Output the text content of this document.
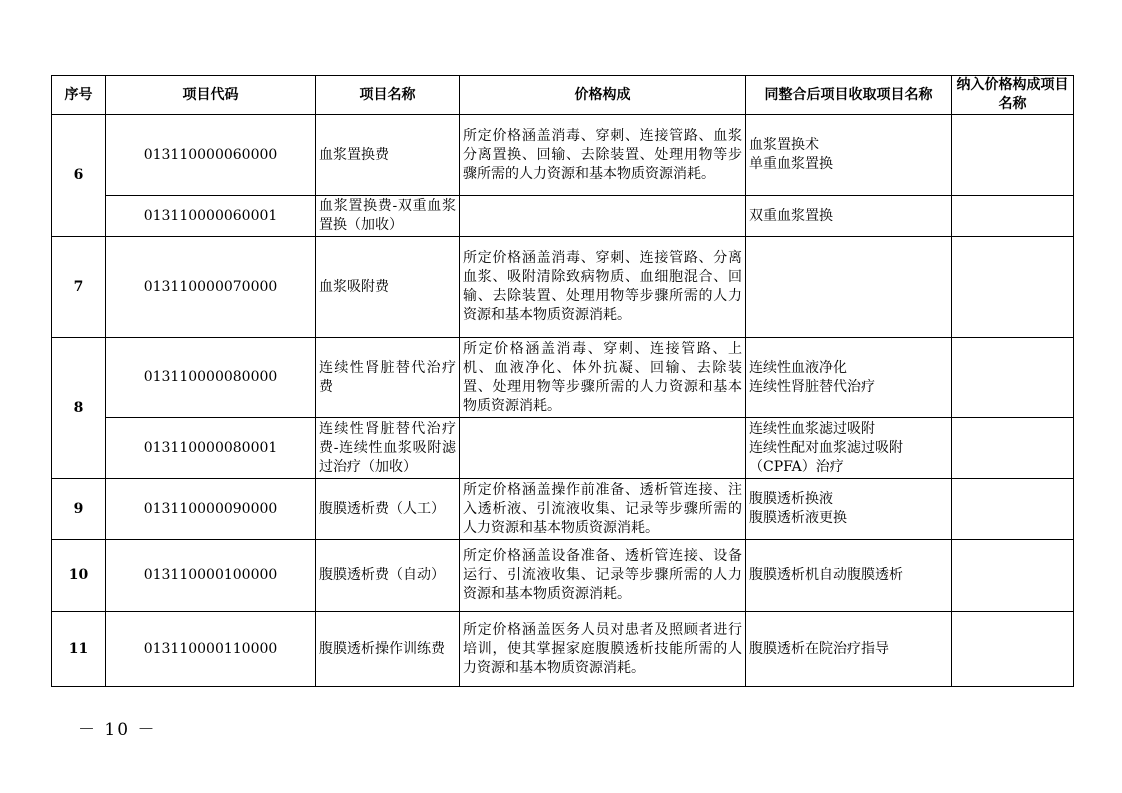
序号	项目代码	项目名称	价格构成	同整合后项目收取项目名称	纳入价格构成项目名称
6	013110000060000	血浆置换费	所定价格涵盖消毒、穿刺、连接管路、血浆分离置换、回输、去除装置、处理用物等步骤所需的人力资源和基本物质资源消耗。	血浆置换术
单重血浆置换	
	013110000060001	血浆置换费-双重血浆置换（加收）		双重血浆置换	
7	013110000070000	血浆吸附费	所定价格涵盖消毒、穿刺、连接管路、分离血浆、吸附清除致病物质、血细胞混合、回输、去除装置、处理用物等步骤所需的人力资源和基本物质资源消耗。		
8	013110000080000	连续性肾脏替代治疗费	所定价格涵盖消毒、穿刺、连接管路、上机、血液净化、体外抗凝、回输、去除装置、处理用物等步骤所需的人力资源和基本物质资源消耗。	连续性血液净化
连续性肾脏替代治疗	
	013110000080001	连续性肾脏替代治疗费-连续性血浆吸附滤过治疗（加收）		连续性血浆滤过吸附
连续性配对血浆滤过吸附（CPFA）治疗	
9	013110000090000	腹膜透析费（人工）	所定价格涵盖操作前准备、透析管连接、注入透析液、引流液收集、记录等步骤所需的人力资源和基本物质资源消耗。	腹膜透析换液
腹膜透析液更换	
10	013110000100000	腹膜透析费（自动）	所定价格涵盖设备准备、透析管连接、设备运行、引流液收集、记录等步骤所需的人力资源和基本物质资源消耗。	腹膜透析机自动腹膜透析	
11	013110000110000	腹膜透析操作训练费	所定价格涵盖医务人员对患者及照顾者进行培训，使其掌握家庭腹膜透析技能所需的人力资源和基本物质资源消耗。	腹膜透析在院治疗指导	
－ 10 －
